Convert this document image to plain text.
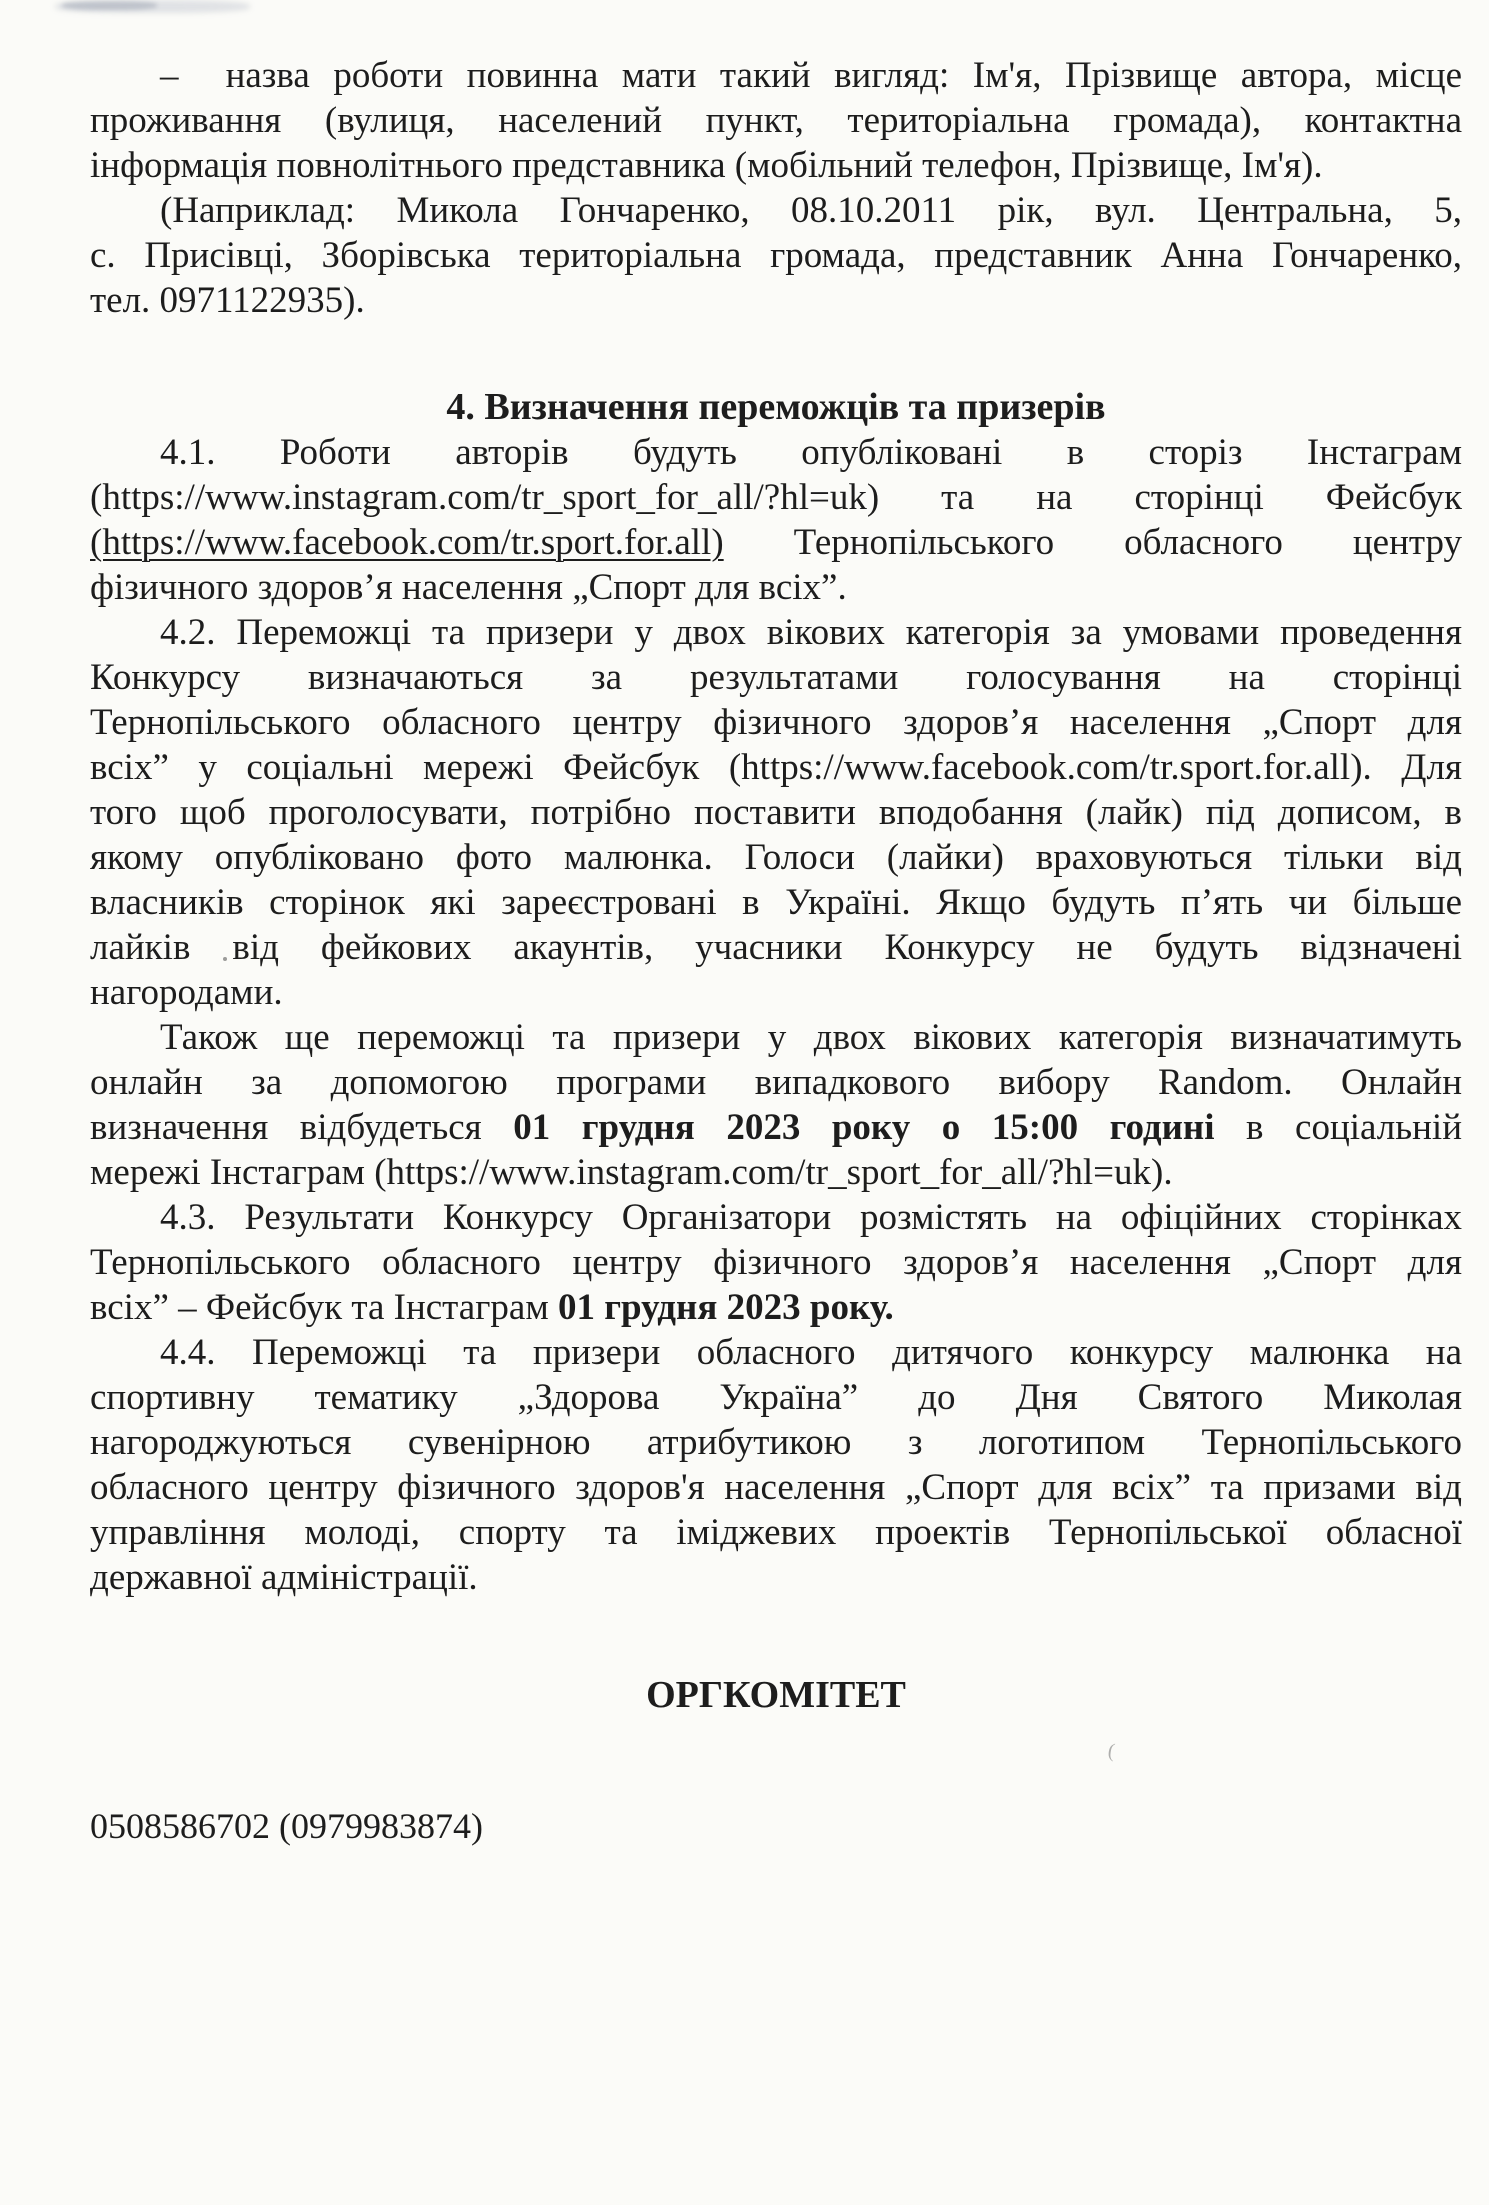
(
–  назва роботи повинна мати такий вигляд: Ім'я, Прізвище автора, місце
проживання (вулиця, населений пункт, територіальна громада), контактна
інформація повнолітнього представника (мобільний телефон, Прізвище, Ім'я).
(Наприклад: Микола Гончаренко, 08.10.2011 рік, вул. Центральна, 5,
с. Присівці, Зборівська територіальна громада, представник Анна Гончаренко,
тел. 0971122935).
4. Визначення переможців та призерів
4.1. Роботи авторів будуть опубліковані в сторіз Інстаграм
(https://www.instagram.com/tr_sport_for_all/?hl=uk) та на сторінці Фейсбук
(https://www.facebook.com/tr.sport.for.all) Тернопільського обласного центру
фізичного здоров’я населення „Спорт для всіх”.
4.2. Переможці та призери у двох вікових категорія за умовами проведення
Конкурсу визначаються за результатами голосування на сторінці
Тернопільського обласного центру фізичного здоров’я населення „Спорт для
всіх” у соціальні мережі Фейсбук (https://www.facebook.com/tr.sport.for.all). Для
того щоб проголосувати, потрібно поставити вподобання (лайк) під дописом, в
якому опубліковано фото малюнка. Голоси (лайки) враховуються тільки від
власників сторінок які зареєстровані в Україні. Якщо будуть п’ять чи більше
лайків від фейкових акаунтів, учасники Конкурсу не будуть відзначені
нагородами.
Також ще переможці та призери у двох вікових категорія визначатимуть
онлайн за допомогою програми випадкового вибору Random. Онлайн
визначення відбудеться 01 грудня 2023 року о 15:00 годині в соціальній
мережі Інстаграм (https://www.instagram.com/tr_sport_for_all/?hl=uk).
4.3. Результати Конкурсу Організатори розмістять на офіційних сторінках
Тернопільського обласного центру фізичного здоров’я населення „Спорт для
всіх” – Фейсбук та Інстаграм 01 грудня 2023 року.
4.4. Переможці та призери обласного дитячого конкурсу малюнка на
спортивну тематику „Здорова Україна” до Дня Святого Миколая
нагороджуються сувенірною атрибутикою з логотипом Тернопільського
обласного центру фізичного здоров'я населення „Спорт для всіх” та призами від
управління молоді, спорту та іміджевих проектів Тернопільської обласної
державної адміністрації.
ОРГКОМІТЕТ
0508586702 (0979983874)
